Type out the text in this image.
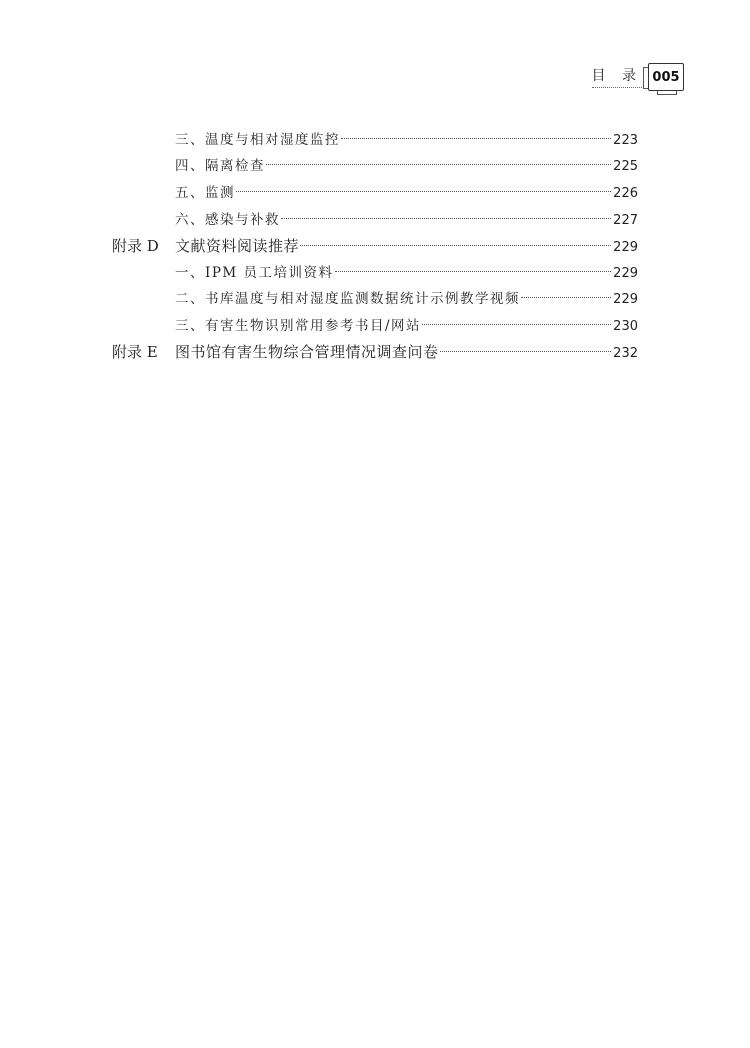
目 录 005
三、温度与相对湿度监控	223
四、隔离检查	225
五、监测	226
六、感染与补救	227
附录 D 文献资料阅读推荐	229
一、IPM 员工培训资料	229
二、书库温度与相对湿度监测数据统计示例教学视频	229
三、有害生物识别常用参考书目/网站	230
附录 E 图书馆有害生物综合管理情况调查问卷	232
